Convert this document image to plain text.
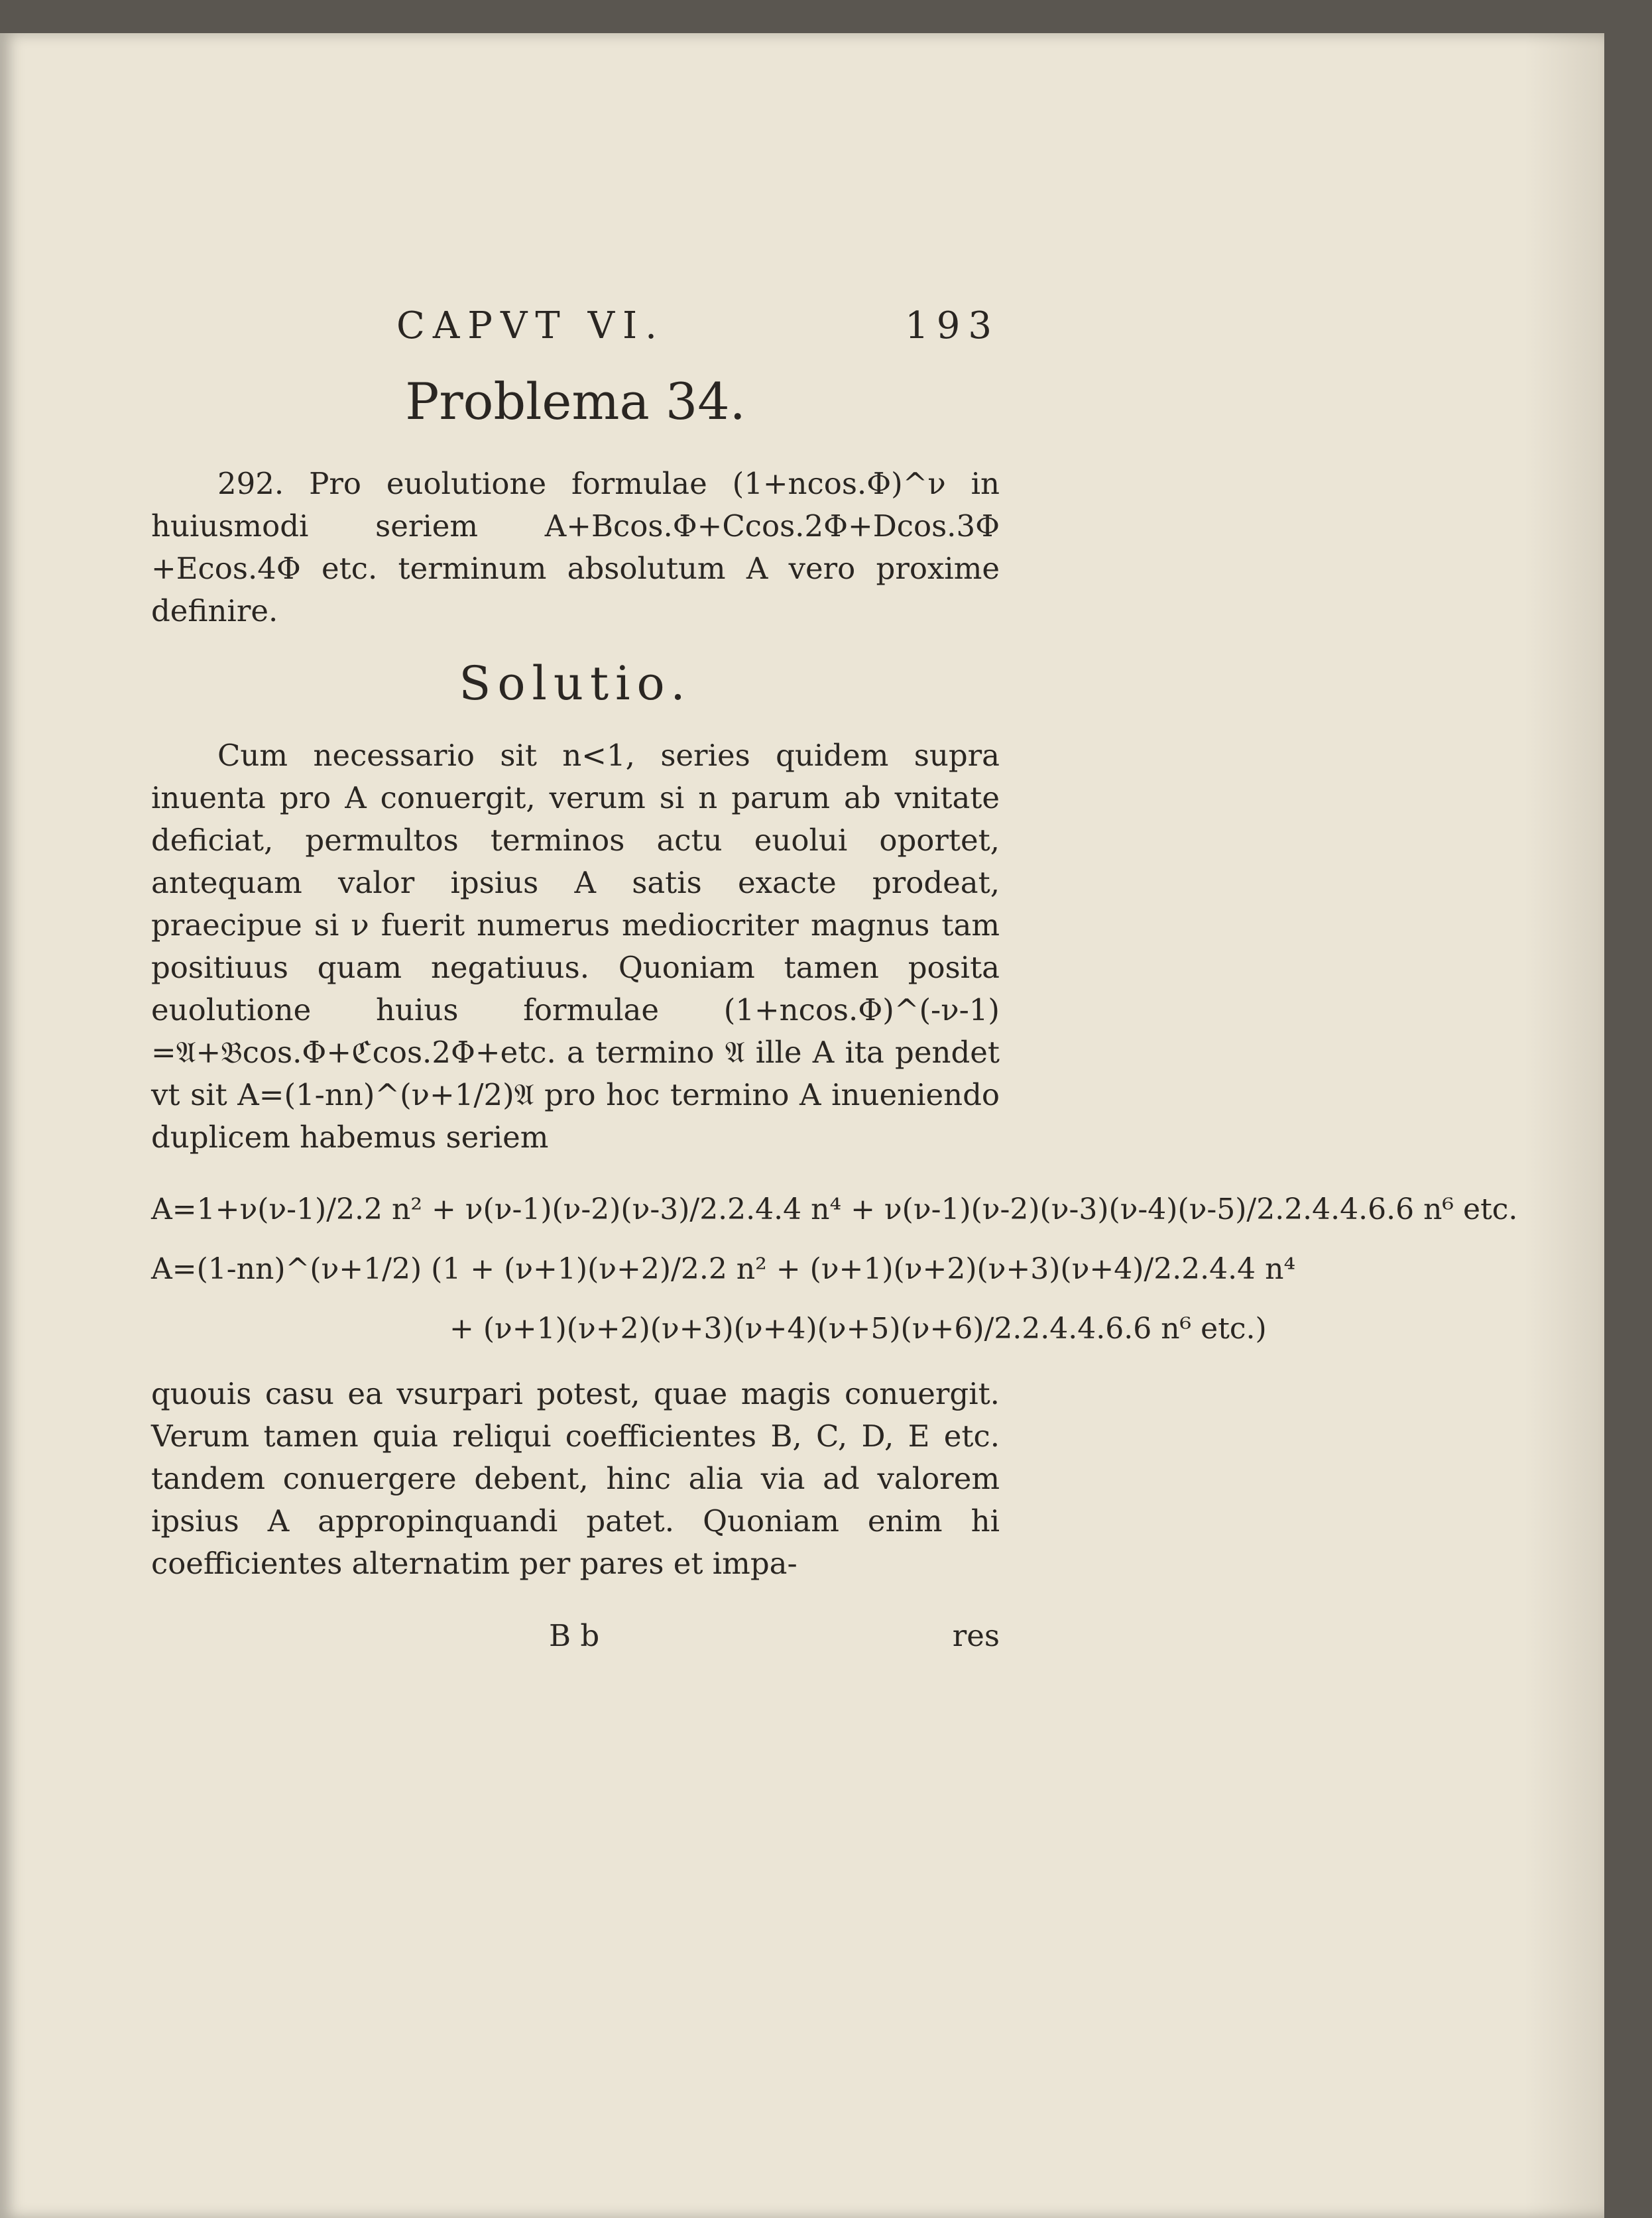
CAPVT VI.	193
Problema 34.

292. Pro euolutione formulae (1+ncos.Φ)^ν in huiusmodi seriem A+Bcos.Φ+Ccos.2Φ+Dcos.3Φ +Ecos.4Φ etc. terminum absolutum A vero proxime definire.

Solutio.

Cum necessario sit n<1, series quidem supra inuenta pro A conuergit, verum si n parum ab vnitate deficiat, permultos terminos actu euolui oportet, antequam valor ipsius A satis exacte prodeat, praecipue si ν fuerit numerus mediocriter magnus tam positiuus quam negatiuus. Quoniam tamen posita euolutione huius formulae (1+ncos.Φ)^(-ν-1) =𝔄+𝔅cos.Φ+ℭcos.2Φ+etc. a termino 𝔄 ille A ita pendet vt sit A=(1-nn)^(ν+1/2)𝔄 pro hoc termino A inueniendo duplicem habemus seriem

A=1+ν(ν-1)/2.2 n² + ν(ν-1)(ν-2)(ν-3)/2.2.4.4 n⁴ + ν(ν-1)(ν-2)(ν-3)(ν-4)(ν-5)/2.2.4.4.6.6 n⁶ etc.
A=(1-nn)^(ν+1/2) (1 + (ν+1)(ν+2)/2.2 n² + (ν+1)(ν+2)(ν+3)(ν+4)/2.2.4.4 n⁴
+ (ν+1)(ν+2)(ν+3)(ν+4)(ν+5)(ν+6)/2.2.4.4.6.6 n⁶ etc.)

quouis casu ea vsurpari potest, quae magis conuergit. Verum tamen quia reliqui coefficientes B, C, D, E etc. tandem conuergere debent, hinc alia via ad valorem ipsius A appropinquandi patet. Quoniam enim hi coefficientes alternatim per pares et impa-

B b	res
